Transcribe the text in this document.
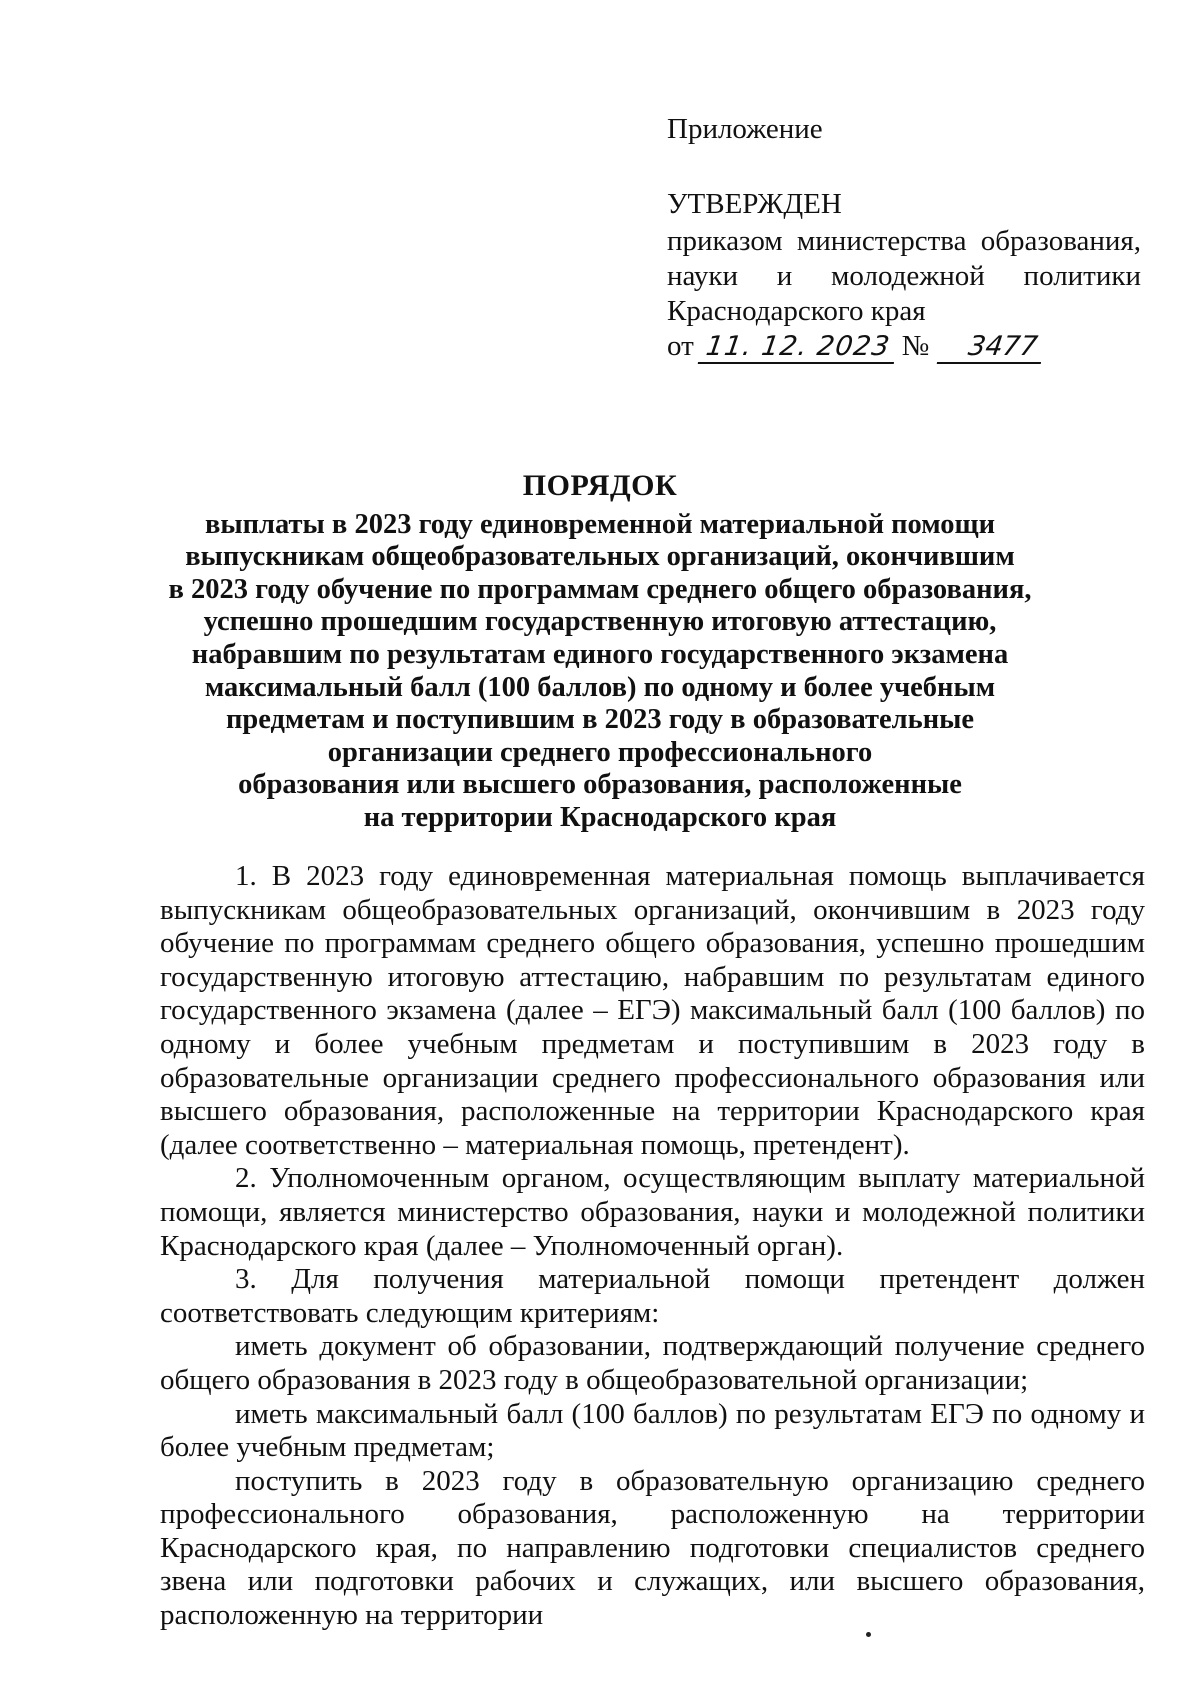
Приложение
УТВЕРЖДЕН
приказом министерства образования,
науки и молодежной политики
Краснодарского края
от 11. 12. 2023 №	3477
ПОРЯДОК
выплаты в 2023 году единовременной материальной помощи
выпускникам общеобразовательных организаций, окончившим
в 2023 году обучение по программам среднего общего образования,
успешно прошедшим государственную итоговую аттестацию,
набравшим по результатам единого государственного экзамена
максимальный балл (100 баллов) по одному и более учебным
предметам и поступившим в 2023 году в образовательные
организации среднего профессионального
образования или высшего образования, расположенные
на территории Краснодарского края

1. В 2023 году единовременная материальная помощь выплачивается выпускникам общеобразовательных организаций, окончившим в 2023 году обучение по программам среднего общего образования, успешно прошедшим государственную итоговую аттестацию, набравшим по результатам единого государственного экзамена (далее – ЕГЭ) максимальный балл (100 баллов) по одному и более учебным предметам и поступившим в 2023 году в образовательные организации среднего профессионального образования или высшего образования, расположенные на территории Краснодарского края (далее соответственно – материальная помощь, претендент).

2. Уполномоченным органом, осуществляющим выплату материальной помощи, является министерство образования, науки и молодежной политики Краснодарского края (далее – Уполномоченный орган).

3. Для получения материальной помощи претендент должен соответствовать следующим критериям:

иметь документ об образовании, подтверждающий получение среднего общего образования в 2023 году в общеобразовательной организации;

иметь максимальный балл (100 баллов) по результатам ЕГЭ по одному и более учебным предметам;

поступить в 2023 году в образовательную организацию среднего профессионального образования, расположенную на территории Краснодарского края, по направлению подготовки специалистов среднего звена или подготовки рабочих и служащих, или высшего образования, расположенную на территории
